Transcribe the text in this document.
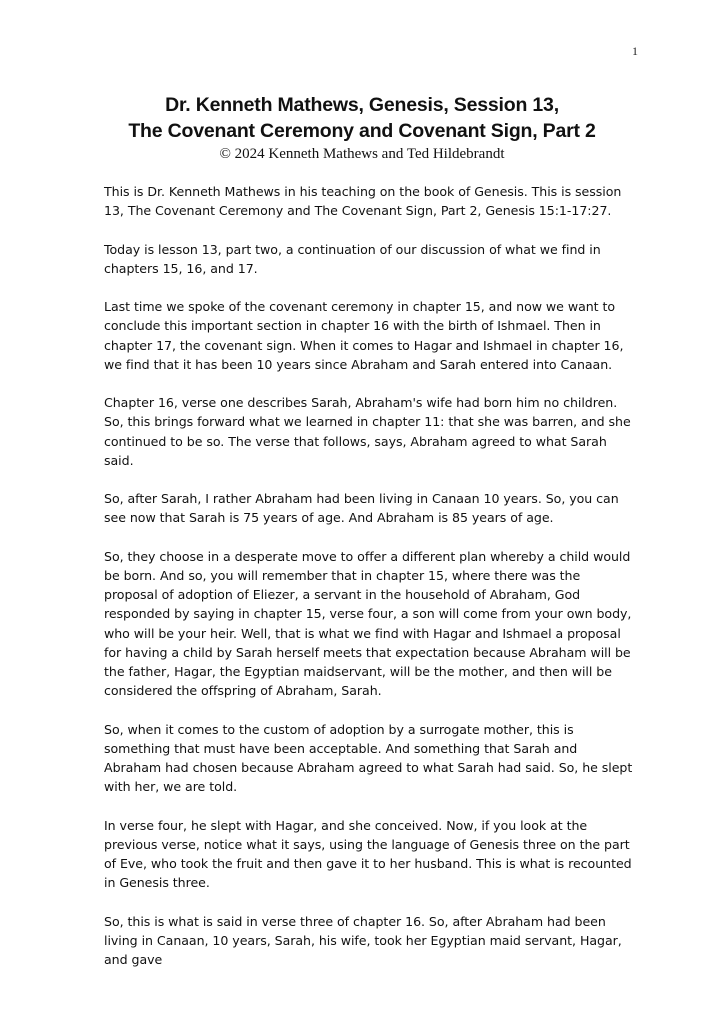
1
Dr. Kenneth Mathews, Genesis, Session 13,
The Covenant Ceremony and Covenant Sign, Part 2
© 2024 Kenneth Mathews and Ted Hildebrandt

This is Dr. Kenneth Mathews in his teaching on the book of Genesis. This is session 13, The Covenant Ceremony and The Covenant Sign, Part 2, Genesis 15:1-17:27.

Today is lesson 13, part two, a continuation of our discussion of what we find in chapters 15, 16, and 17.

Last time we spoke of the covenant ceremony in chapter 15, and now we want to conclude this important section in chapter 16 with the birth of Ishmael. Then in chapter 17, the covenant sign. When it comes to Hagar and Ishmael in chapter 16, we find that it has been 10 years since Abraham and Sarah entered into Canaan.

Chapter 16, verse one describes Sarah, Abraham's wife had born him no children. So, this brings forward what we learned in chapter 11: that she was barren, and she continued to be so. The verse that follows, says, Abraham agreed to what Sarah said.

So, after Sarah, I rather Abraham had been living in Canaan 10 years. So, you can see now that Sarah is 75 years of age. And Abraham is 85 years of age.

So, they choose in a desperate move to offer a different plan whereby a child would be born. And so, you will remember that in chapter 15, where there was the proposal of adoption of Eliezer, a servant in the household of Abraham, God responded by saying in chapter 15, verse four, a son will come from your own body, who will be your heir. Well, that is what we find with Hagar and Ishmael a proposal for having a child by Sarah herself meets that expectation because Abraham will be the father, Hagar, the Egyptian maidservant, will be the mother, and then will be considered the offspring of Abraham, Sarah.

So, when it comes to the custom of adoption by a surrogate mother, this is something that must have been acceptable. And something that Sarah and Abraham had chosen because Abraham agreed to what Sarah had said. So, he slept with her, we are told.

In verse four, he slept with Hagar, and she conceived. Now, if you look at the previous verse, notice what it says, using the language of Genesis three on the part of Eve, who took the fruit and then gave it to her husband. This is what is recounted in Genesis three.

So, this is what is said in verse three of chapter 16. So, after Abraham had been living in Canaan, 10 years, Sarah, his wife, took her Egyptian maid servant, Hagar, and gave
